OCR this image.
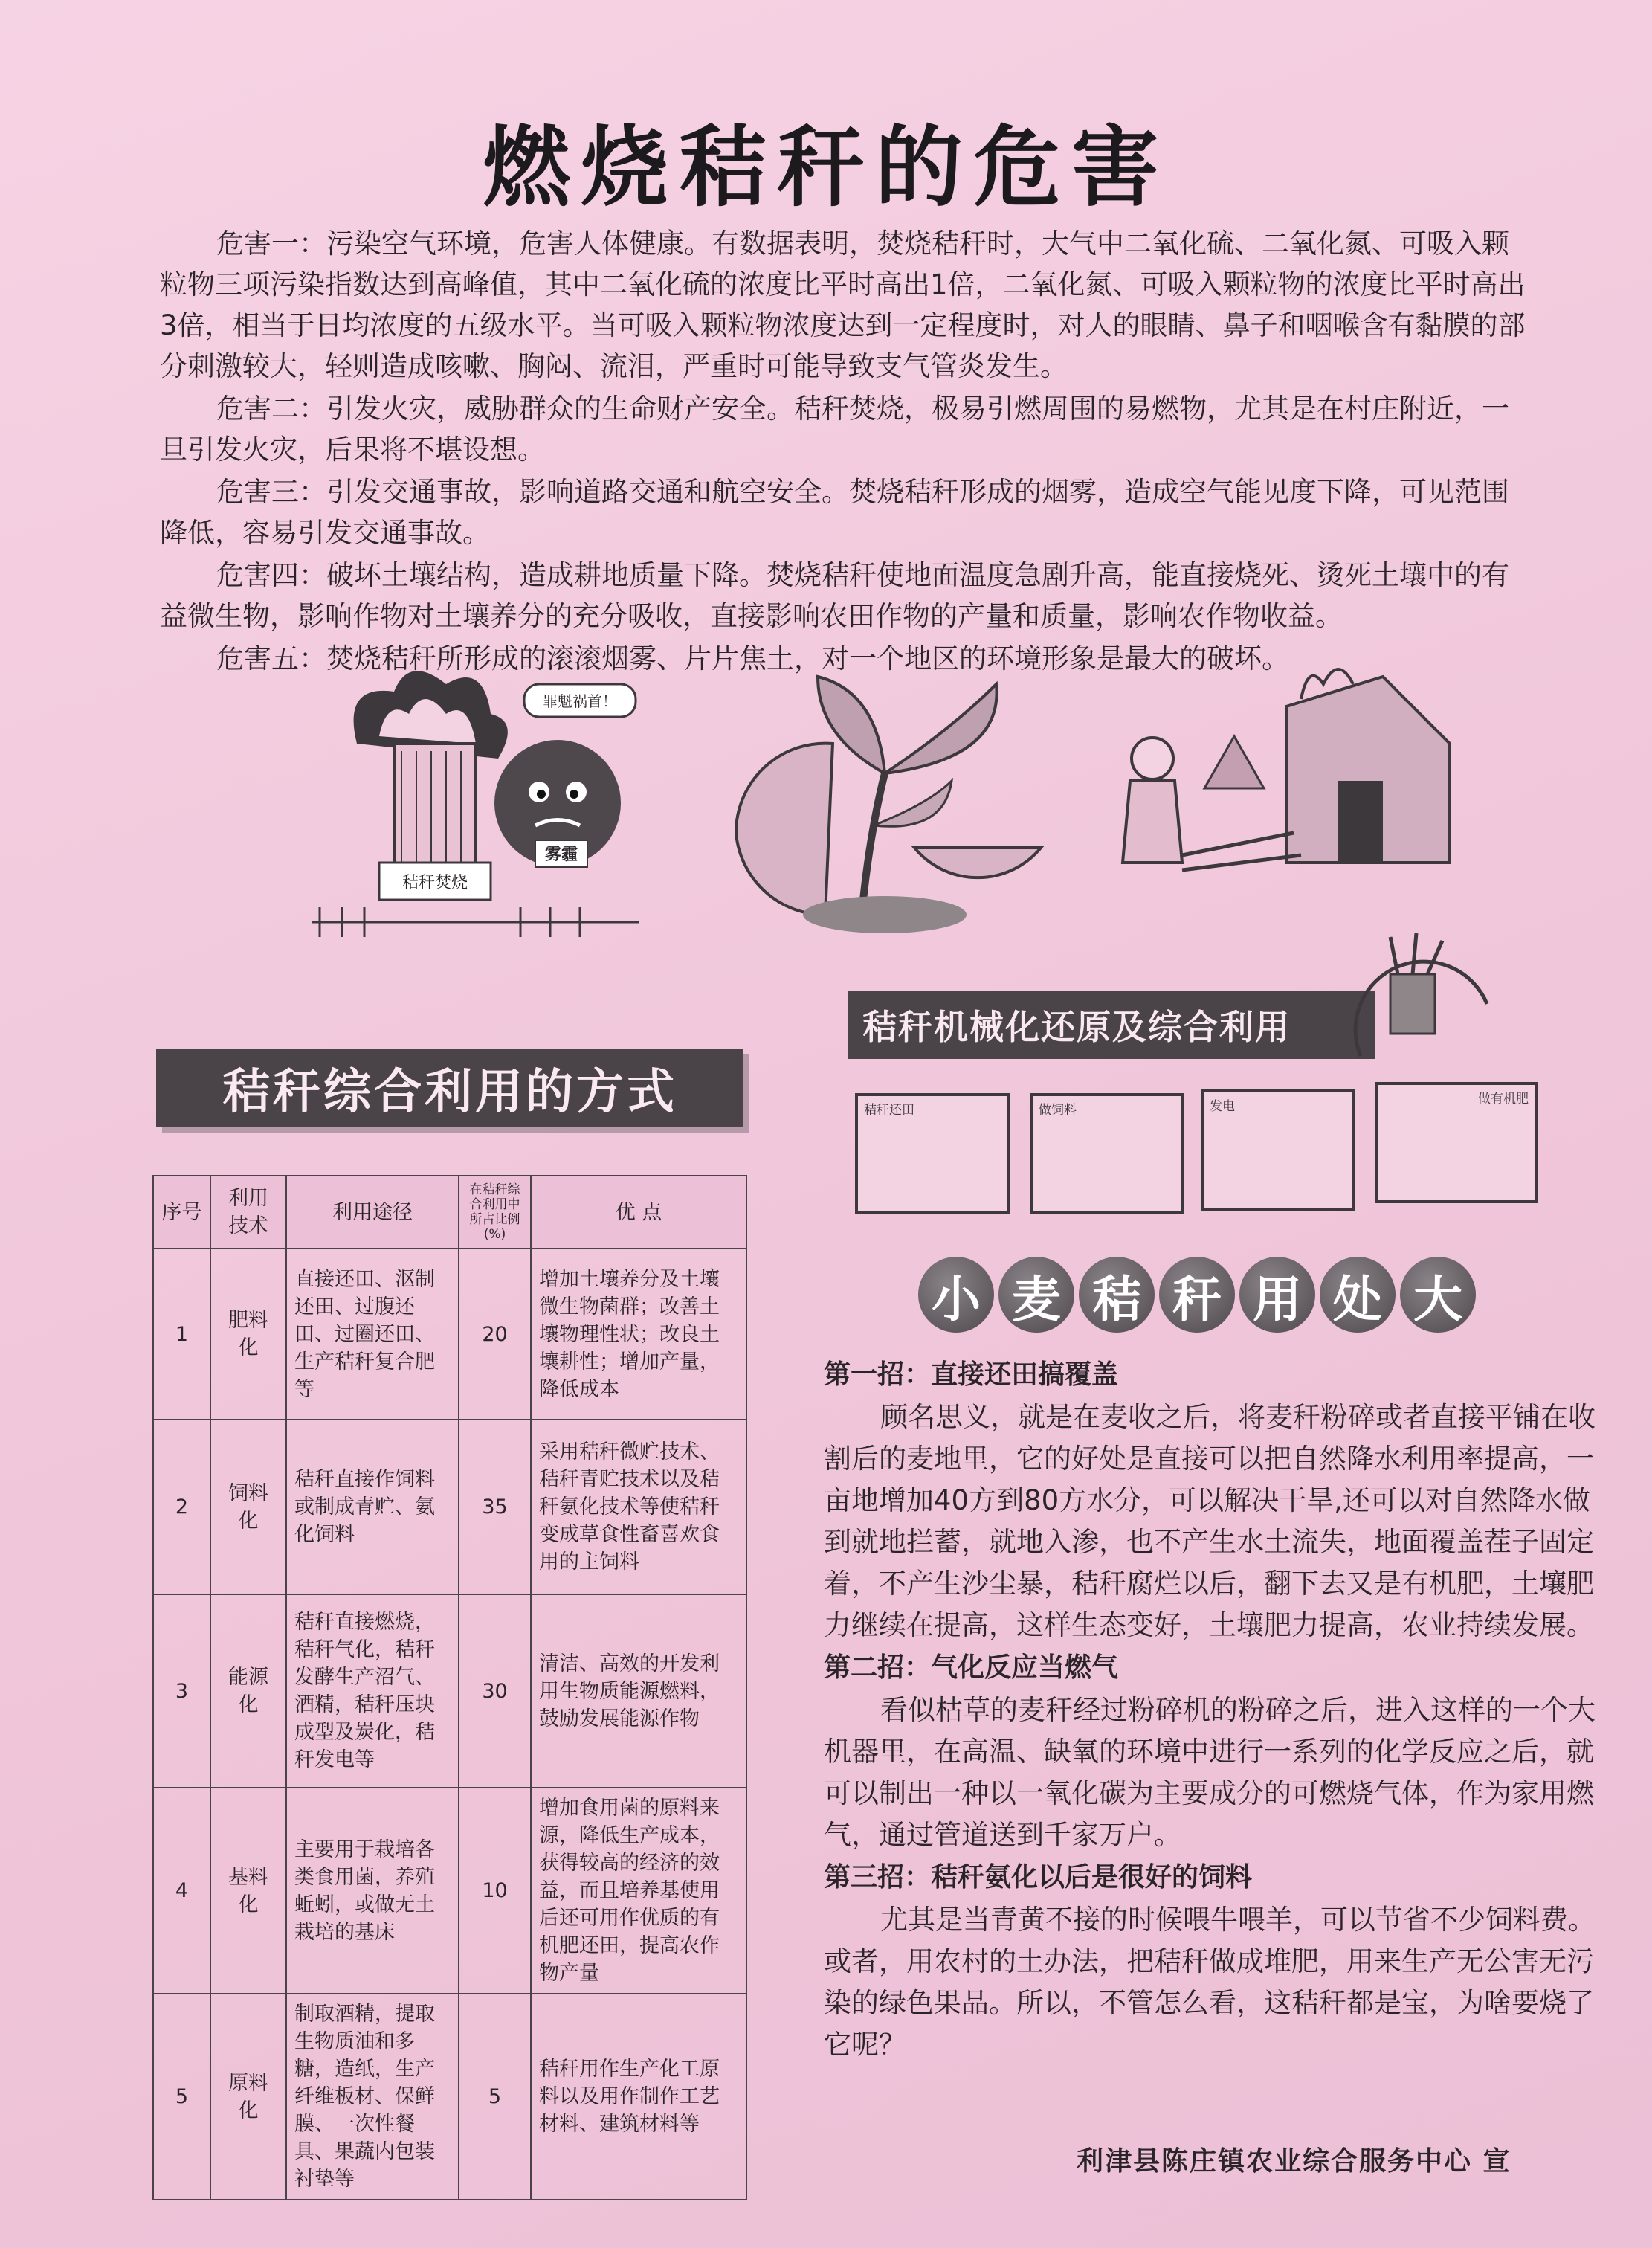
燃烧秸秆的危害

危害一：污染空气环境，危害人体健康。有数据表明，焚烧秸秆时，大气中二氧化硫、二氧化氮、可吸入颗粒物三项污染指数达到高峰值，其中二氧化硫的浓度比平时高出1倍，二氧化氮、可吸入颗粒物的浓度比平时高出3倍，相当于日均浓度的五级水平。当可吸入颗粒物浓度达到一定程度时，对人的眼睛、鼻子和咽喉含有黏膜的部分刺激较大，轻则造成咳嗽、胸闷、流泪，严重时可能导致支气管炎发生。

危害二：引发火灾，威胁群众的生命财产安全。秸秆焚烧，极易引燃周围的易燃物，尤其是在村庄附近，一旦引发火灾，后果将不堪设想。

危害三：引发交通事故，影响道路交通和航空安全。焚烧秸秆形成的烟雾，造成空气能见度下降，可见范围降低，容易引发交通事故。

危害四：破坏土壤结构，造成耕地质量下降。焚烧秸秆使地面温度急剧升高，能直接烧死、烫死土壤中的有益微生物，影响作物对土壤养分的充分吸收，直接影响农田作物的产量和质量，影响农作物收益。

危害五：焚烧秸秆所形成的滚滚烟雾、片片焦土，对一个地区的环境形象是最大的破坏。

秸秆焚烧
雾霾
罪魁祸首！
秸秆机械化还原及综合利用
秸秆综合利用的方式	秸秆还田	做饲料	发电	做有机肥
序号	利用技术	利用途径	在秸秆综合利用中所占比例(%)	优 点
1	肥料化	直接还田、沤制还田、过腹还田、过圈还田、生产秸秆复合肥等	20	增加土壤养分及土壤微生物菌群；改善土壤物理性状；改良土壤耕性；增加产量，降低成本
2	饲料化	秸秆直接作饲料或制成青贮、氨化饲料	35	采用秸秆微贮技术、秸秆青贮技术以及秸秆氨化技术等使秸秆变成草食性畜喜欢食用的主饲料
3	能源化	秸秆直接燃烧，秸秆气化，秸秆发酵生产沼气、酒精，秸秆压块成型及炭化，秸秆发电等	30	清洁、高效的开发利用生物质能源燃料，鼓励发展能源作物
4	基料化	主要用于栽培各类食用菌，养殖蚯蚓，或做无土栽培的基床	10	增加食用菌的原料来源，降低生产成本，获得较高的经济的效益，而且培养基使用后还可用作优质的有机肥还田，提高农作物产量
5	原料化	制取酒精，提取生物质油和多糖，造纸，生产纤维板材、保鲜膜、一次性餐具、果蔬内包装衬垫等	5	秸秆用作生产化工原料以及用作制作工艺材料、建筑材料等
小 麦 秸 秆 用 处 大
第一招：直接还田搞覆盖

顾名思义，就是在麦收之后，将麦秆粉碎或者直接平铺在收割后的麦地里，它的好处是直接可以把自然降水利用率提高，一亩地增加40方到80方水分，可以解决干旱,还可以对自然降水做到就地拦蓄，就地入渗，也不产生水土流失，地面覆盖茬子固定着，不产生沙尘暴，秸秆腐烂以后，翻下去又是有机肥，土壤肥力继续在提高，这样生态变好，土壤肥力提高，农业持续发展。

第二招：气化反应当燃气

看似枯草的麦秆经过粉碎机的粉碎之后，进入这样的一个大机器里，在高温、缺氧的环境中进行一系列的化学反应之后，就可以制出一种以一氧化碳为主要成分的可燃烧气体，作为家用燃气，通过管道送到千家万户。

第三招：秸秆氨化以后是很好的饲料

尤其是当青黄不接的时候喂牛喂羊，可以节省不少饲料费。或者，用农村的土办法，把秸秆做成堆肥，用来生产无公害无污染的绿色果品。所以，不管怎么看，这秸秆都是宝，为啥要烧了它呢？

利津县陈庄镇农业综合服务中心 宣
